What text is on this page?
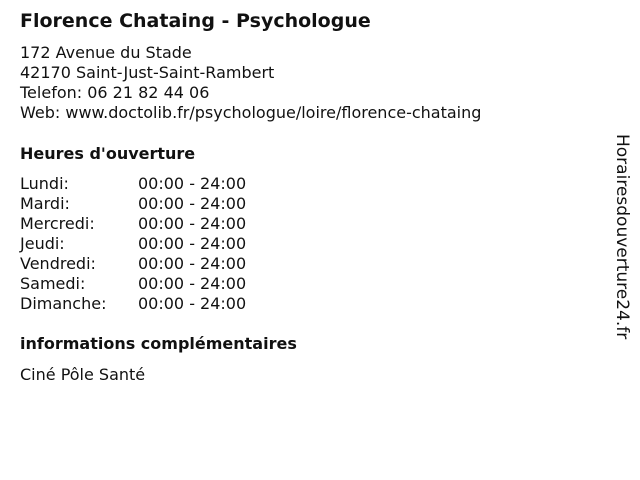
Florence Chataing - Psychologue
172 Avenue du Stade
42170 Saint-Just-Saint-Rambert
Telefon: 06 21 82 44 06
Web: www.doctolib.fr/psychologue/loire/florence-chataing
Heures d'ouverture
Lundi:	00:00 - 24:00
Mardi:	00:00 - 24:00
Mercredi:	00:00 - 24:00
Jeudi:	00:00 - 24:00
Vendredi:	00:00 - 24:00
Samedi:	00:00 - 24:00
Dimanche:	00:00 - 24:00
informations complémentaires
Ciné Pôle Santé
Horairesdouverture24.fr
